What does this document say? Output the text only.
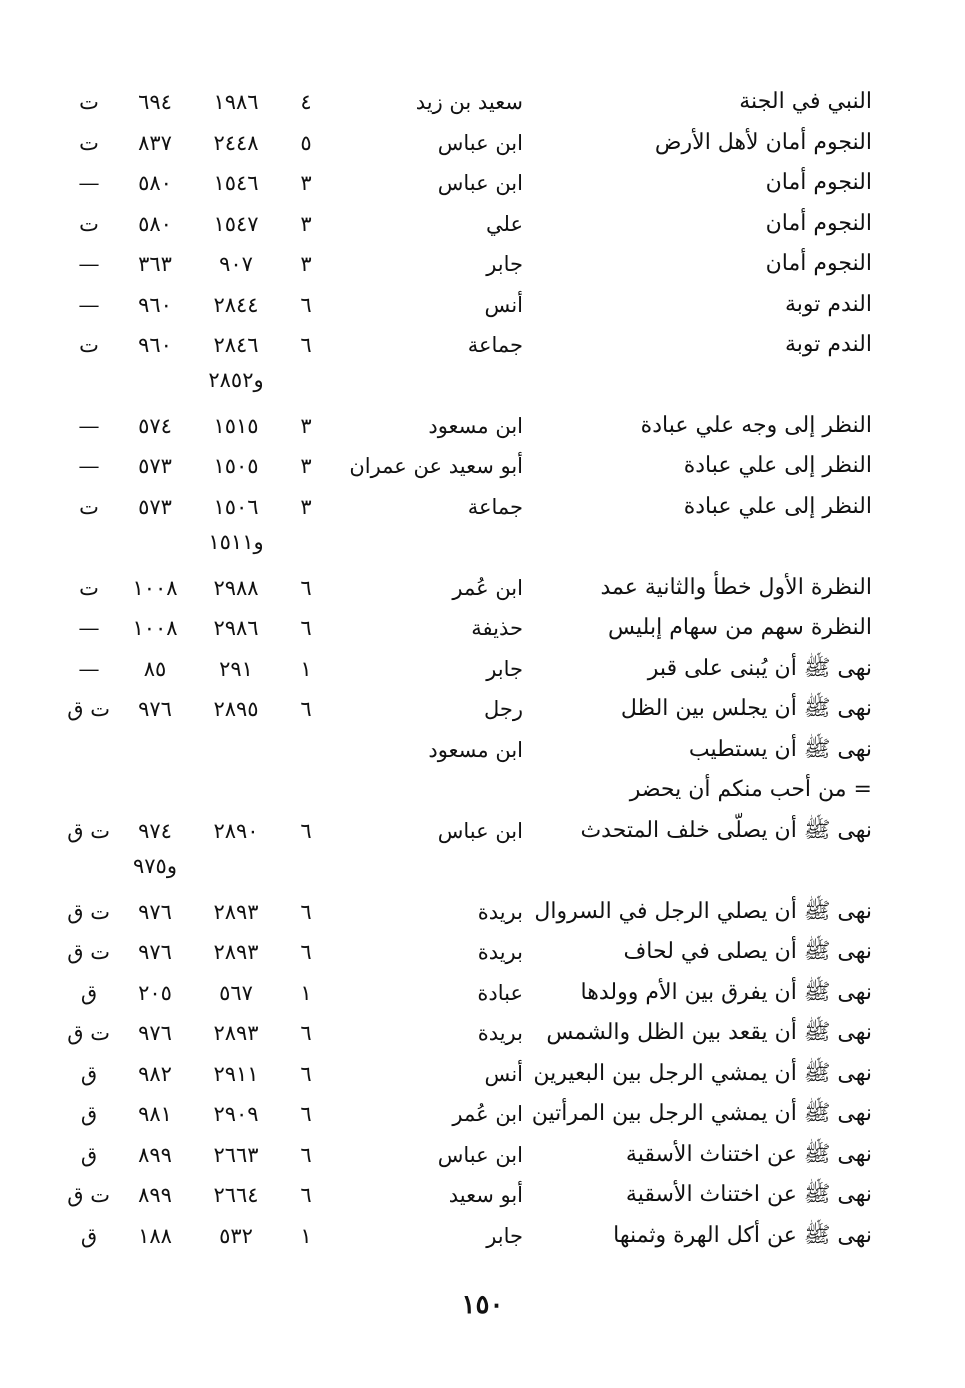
النبي في الجنة
سعيد بن زيد
٤
١٩٨٦
٦٩٤
ت
النجوم أمان لأهل الأرض
ابن عباس
٥
٢٤٤٨
٨٣٧
ت
النجوم أمان
ابن عباس
٣
١٥٤٦
٥٨٠
—
النجوم أمان
علي
٣
١٥٤٧
٥٨٠
ت
النجوم أمان
جابر
٣
٩٠٧
٣٦٣
—
الندم توبة
أنس
٦
٢٨٤٤
٩٦٠
—
الندم توبة
جماعة
٦
٢٨٤٦
٩٦٠
ت
و٢٨٥٢
النظر إلى وجه علي عبادة
ابن مسعود
٣
١٥١٥
٥٧٤
—
النظر إلى علي عبادة
أبو سعيد عن عمران
٣
١٥٠٥
٥٧٣
—
النظر إلى علي عبادة
جماعة
٣
١٥٠٦
٥٧٣
ت
و١٥١١
النظرة الأول خطأ والثانية عمد
ابن عُمر
٦
٢٩٨٨
١٠٠٨
ت
النظرة سهم من سهام إبليس
حذيفة
٦
٢٩٨٦
١٠٠٨
—
نهى ﷺ أن يُبنى على قبر
جابر
١
٢٩١
٨٥
—
نهى ﷺ أن يجلس بين الظل
رجل
٦
٢٨٩٥
٩٧٦
ت ق
نهى ﷺ أن يستطيب
ابن مسعود
= من أحب منكم أن يحضر
نهى ﷺ أن يصلّى خلف المتحدث
ابن عباس
٦
٢٨٩٠
٩٧٤
ت ق
و٩٧٥
نهى ﷺ أن يصلي الرجل في السروال
بريدة
٦
٢٨٩٣
٩٧٦
ت ق
نهى ﷺ أن يصلى في لحاف
بريدة
٦
٢٨٩٣
٩٧٦
ت ق
نهى ﷺ أن يفرق بين الأم وولدها
عبادة
١
٥٦٧
٢٠٥
ق
نهى ﷺ أن يقعد بين الظل والشمس
بريدة
٦
٢٨٩٣
٩٧٦
ت ق
نهى ﷺ أن يمشي الرجل بين البعيرين
أنس
٦
٢٩١١
٩٨٢
ق
نهى ﷺ أن يمشي الرجل بين المرأتين
ابن عُمر
٦
٢٩٠٩
٩٨١
ق
نهى ﷺ عن اختناث الأسقية
ابن عباس
٦
٢٦٦٣
٨٩٩
ق
نهى ﷺ عن اختناث الأسقية
أبو سعيد
٦
٢٦٦٤
٨٩٩
ت ق
نهى ﷺ عن أكل الهرة وثمنها
جابر
١
٥٣٢
١٨٨
ق
١٥٠
